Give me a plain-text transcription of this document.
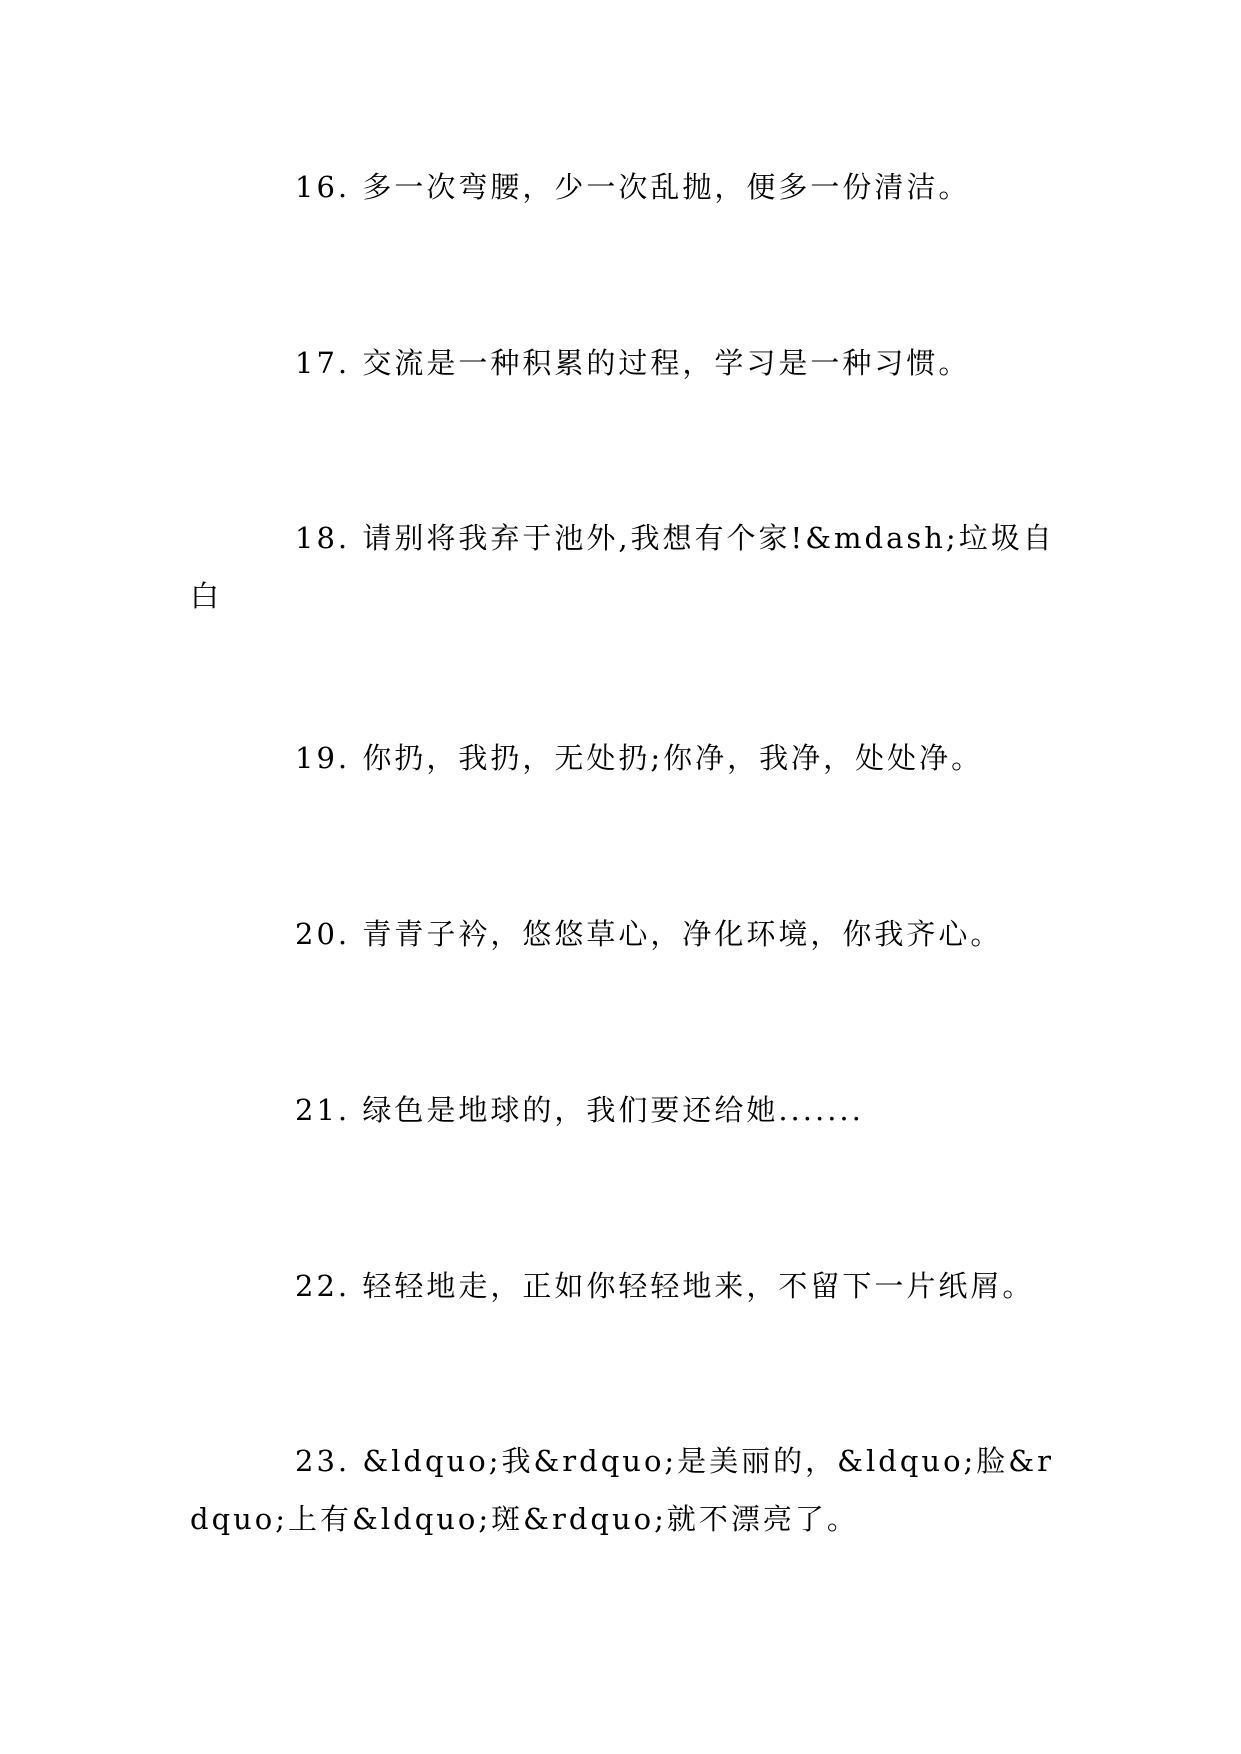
16. 多一次弯腰，少一次乱抛，便多一份清洁。

17. 交流是一种积累的过程，学习是一种习惯。

18. 请别将我弃于池外,我想有个家!&mdash;垃圾自白

19. 你扔，我扔，无处扔;你净，我净，处处净。

20. 青青子衿，悠悠草心，净化环境，你我齐心。

21. 绿色是地球的，我们要还给她.......

22. 轻轻地走，正如你轻轻地来，不留下一片纸屑。

23. &ldquo;我&rdquo;是美丽的，&ldquo;脸&rdquo;上有&ldquo;斑&rdquo;就不漂亮了。
